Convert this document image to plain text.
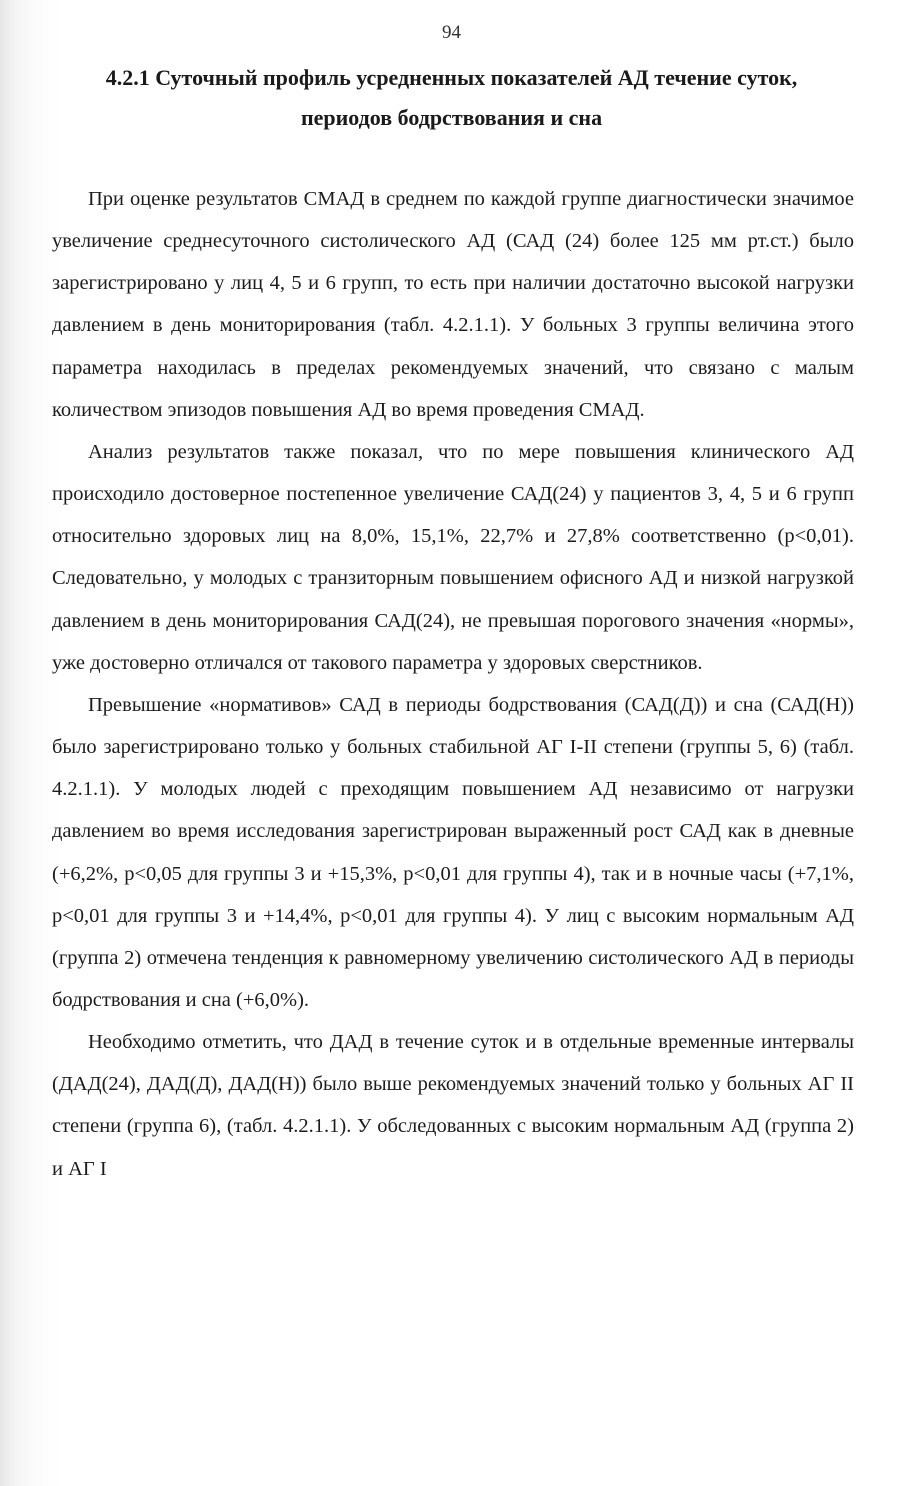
94
4.2.1 Суточный профиль усредненных показателей АД течение суток,
периодов бодрствования и сна

При оценке результатов СМАД в среднем по каждой группе диагностически значимое увеличение среднесуточного систолического АД (САД (24) более 125 мм рт.ст.) было зарегистрировано у лиц 4, 5 и 6 групп, то есть при наличии достаточно высокой нагрузки давлением в день мониторирования (табл. 4.2.1.1). У больных 3 группы величина этого параметра находилась в пределах рекомендуемых значений, что связано с малым количеством эпизодов повышения АД во время проведения СМАД.

Анализ результатов также показал, что по мере повышения клинического АД происходило достоверное постепенное увеличение САД(24) у пациентов 3, 4, 5 и 6 групп относительно здоровых лиц на 8,0%, 15,1%, 22,7% и 27,8% соответственно (р<0,01). Следовательно, у молодых с транзиторным повышением офисного АД и низкой нагрузкой давлением в день мониторирования САД(24), не превышая порогового значения «нормы», уже достоверно отличался от такового параметра у здоровых сверстников.

Превышение «нормативов» САД в периоды бодрствования (САД(Д)) и сна (САД(Н)) было зарегистрировано только у больных стабильной АГ I-II степени (группы 5, 6) (табл. 4.2.1.1). У молодых людей с преходящим повышением АД независимо от нагрузки давлением во время исследования зарегистрирован выраженный рост САД как в дневные (+6,2%, р<0,05 для группы 3 и +15,3%, р<0,01 для группы 4), так и в ночные часы (+7,1%, р<0,01 для группы 3 и +14,4%, р<0,01 для группы 4). У лиц с высоким нормальным АД (группа 2) отмечена тенденция к равномерному увеличению систолического АД в периоды бодрствования и сна (+6,0%).

Необходимо отметить, что ДАД в течение суток и в отдельные временные интервалы (ДАД(24), ДАД(Д), ДАД(Н)) было выше рекомендуемых значений только у больных АГ II степени (группа 6), (табл. 4.2.1.1). У обследованных с высоким нормальным АД (группа 2) и АГ I
